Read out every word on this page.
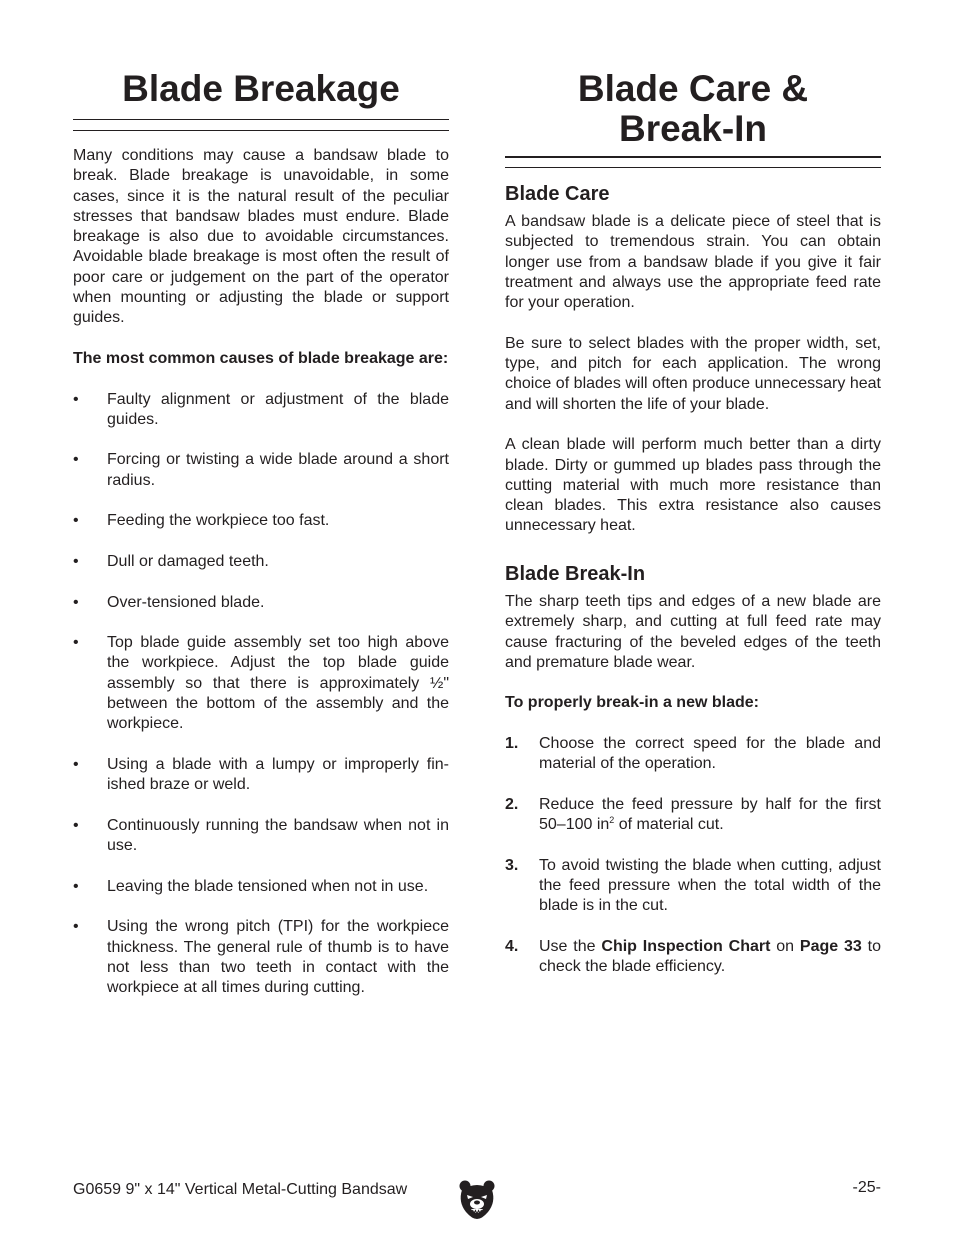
Blade Breakage

Many conditions may cause a bandsaw blade to break. Blade breakage is unavoidable, in some cases, since it is the natural result of the peculiar stresses that bandsaw blades must endure. Blade breakage is also due to avoidable circumstances. Avoidable blade breakage is most often the result of poor care or judgement on the part of the operator when mounting or adjusting the blade or support guides.

The most common causes of blade breakage are:

• Faulty alignment or adjustment of the blade guides.
• Forcing or twisting a wide blade around a short radius.
• Feeding the workpiece too fast.
• Dull or damaged teeth.
• Over-tensioned blade.
• Top blade guide assembly set too high above the workpiece. Adjust the top blade guide assembly so that there is approximately ½" between the bottom of the assembly and the workpiece.
• Using a blade with a lumpy or improperly fin-ished braze or weld.
• Continuously running the bandsaw when not in use.
• Leaving the blade tensioned when not in use.
• Using the wrong pitch (TPI) for the workpiece thickness. The general rule of thumb is to have not less than two teeth in contact with the workpiece at all times during cutting.
Blade Care &
Break-In
Blade Care

A bandsaw blade is a delicate piece of steel that is subjected to tremendous strain. You can obtain longer use from a bandsaw blade if you give it fair treatment and always use the appropriate feed rate for your operation.

Be sure to select blades with the proper width, set, type, and pitch for each application. The wrong choice of blades will often produce unnecessary heat and will shorten the life of your blade.

A clean blade will perform much better than a dirty blade. Dirty or gummed up blades pass through the cutting material with much more resistance than clean blades. This extra resistance also causes unnecessary heat.

Blade Break-In

The sharp teeth tips and edges of a new blade are extremely sharp, and cutting at full feed rate may cause fracturing of the beveled edges of the teeth and premature blade wear.

To properly break-in a new blade:

1. Choose the correct speed for the blade and material of the operation.
2. Reduce the feed pressure by half for the first 50–100 $in^2$ of material cut.
3. To avoid twisting the blade when cutting, adjust the feed pressure when the total width of the blade is in the cut.
4. Use the Chip Inspection Chart on Page 33 to check the blade efficiency.
G0659 9" x 14" Vertical Metal-Cutting Bandsaw	-25-
